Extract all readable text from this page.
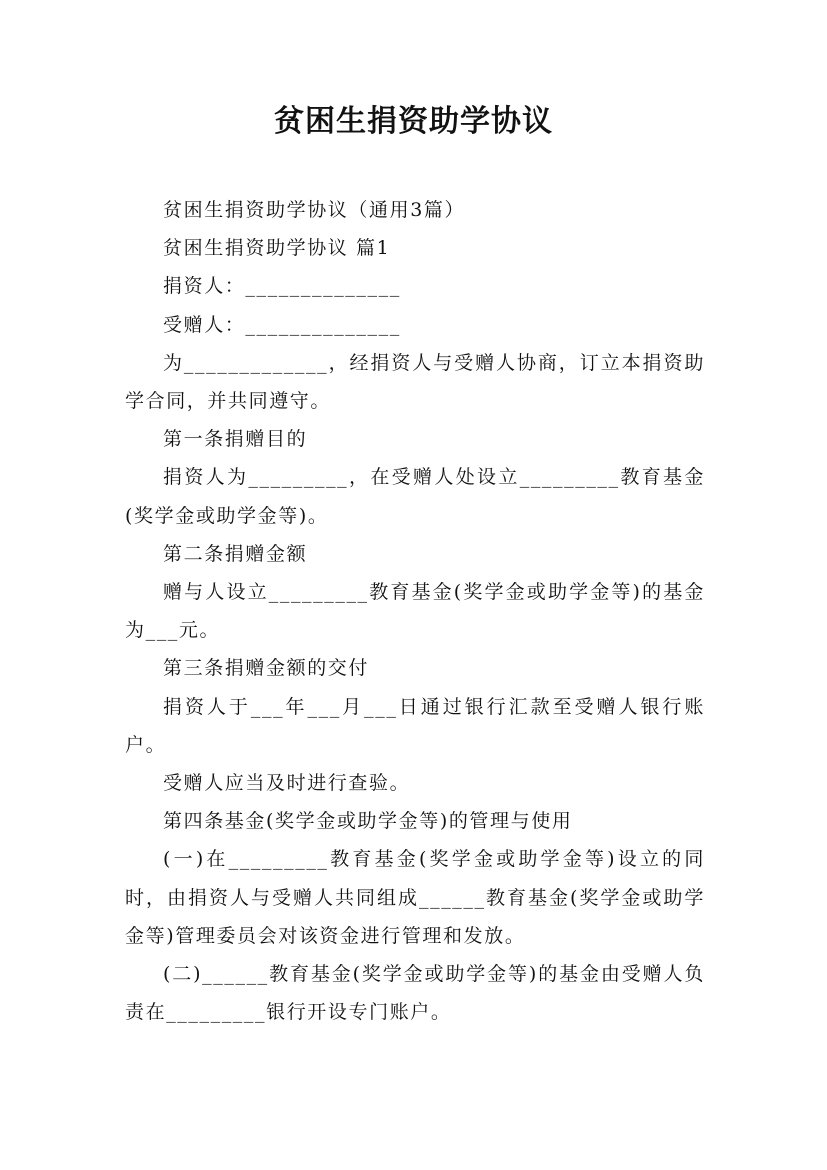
贫困生捐资助学协议

贫困生捐资助学协议（通用3篇）

贫困生捐资助学协议 篇1

捐资人：______________

受赠人：______________

为_____________，经捐资人与受赠人协商，订立本捐资助学合同，并共同遵守。

第一条捐赠目的

捐资人为_________，在受赠人处设立_________教育基金(奖学金或助学金等)。

第二条捐赠金额

赠与人设立_________教育基金(奖学金或助学金等)的基金为___元。

第三条捐赠金额的交付

捐资人于___年___月___日通过银行汇款至受赠人银行账户。

受赠人应当及时进行查验。

第四条基金(奖学金或助学金等)的管理与使用

(一)在_________教育基金(奖学金或助学金等)设立的同时，由捐资人与受赠人共同组成______教育基金(奖学金或助学金等)管理委员会对该资金进行管理和发放。

(二)______教育基金(奖学金或助学金等)的基金由受赠人负责在_________银行开设专门账户。
